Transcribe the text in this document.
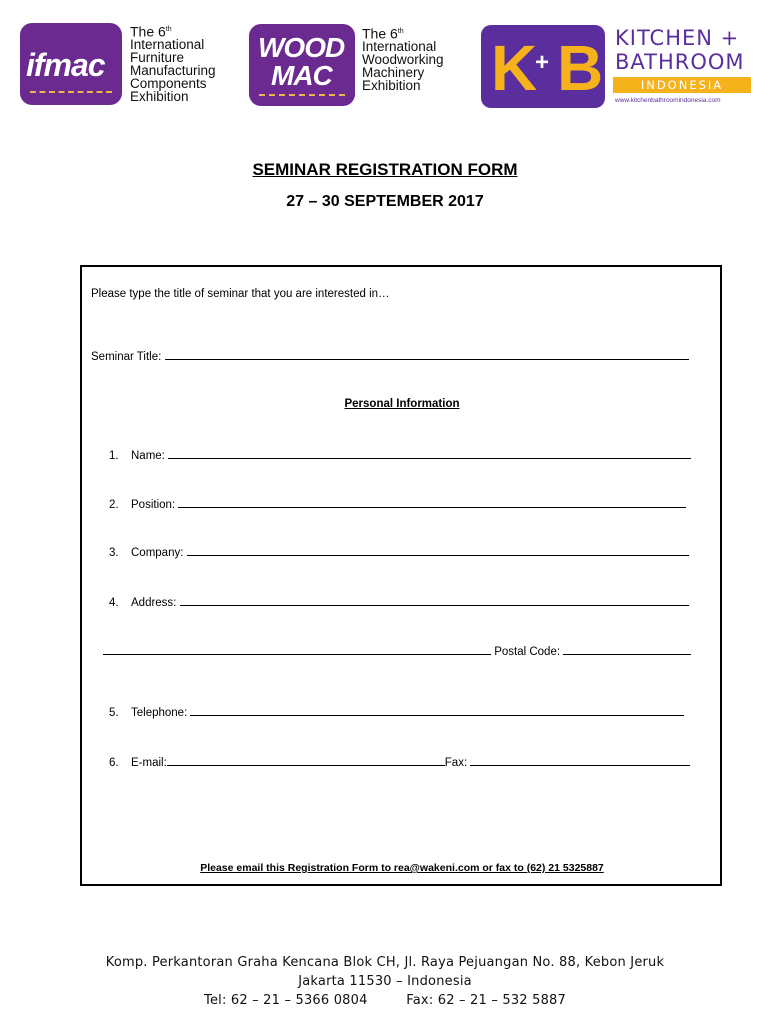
ifmac
The 6th
International
Furniture
Manufacturing
Components
Exhibition
WOOD
MAC
The 6th
International
Woodworking
Machinery
Exhibition	K
+ B KITCHEN +
BATHROOM
INDONESIA
www.kitchenbathroomindonesia.com
SEMINAR REGISTRATION FORM
27 – 30 SEPTEMBER 2017
Please type the title of seminar that you are interested in…
Seminar Title:
Personal Information
1. Name:
2. Position:
3. Company:
4. Address:
Postal Code:
5. Telephone:
6. E-mail:	Fax:
Please email this Registration Form to rea@wakeni.com or fax to (62) 21 5325887
Komp. Perkantoran Graha Kencana Blok CH, Jl. Raya Pejuangan No. 88, Kebon Jeruk
Jakarta 11530 – Indonesia
Tel: 62 – 21 – 5366 0804	Fax: 62 – 21 – 532 5887
